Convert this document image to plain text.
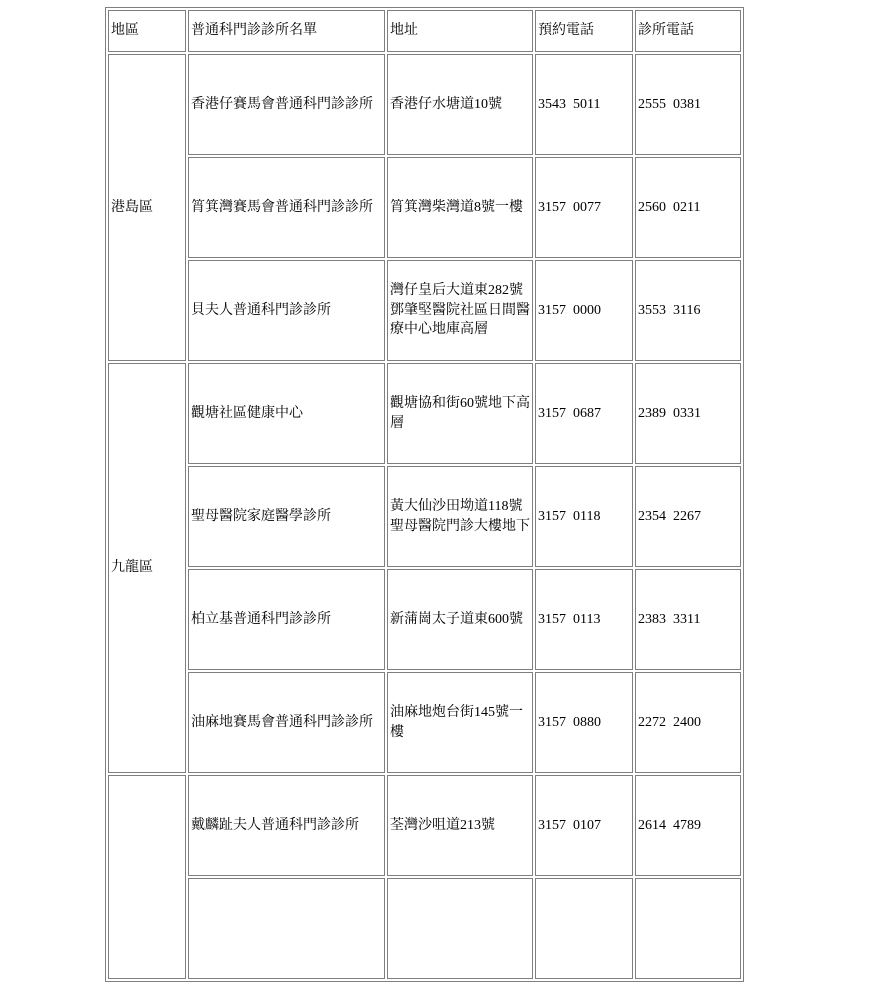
地區	普通科門診診所名單	地址	預約電話	診所電話
港島區	香港仔賽馬會普通科門診診所	香港仔水塘道10號	3543  5011	2555  0381
	筲箕灣賽馬會普通科門診診所	筲箕灣柴灣道8號一樓	3157  0077	2560  0211
	貝夫人普通科門診診所	灣仔皇后大道東282號鄧肇堅醫院社區日間醫療中心地庫高層	3157  0000	3553  3116
九龍區	觀塘社區健康中心	觀塘協和街60號地下高層	3157  0687	2389  0331
	聖母醫院家庭醫學診所	黃大仙沙田坳道118號聖母醫院門診大樓地下	3157  0118	2354  2267
	柏立基普通科門診診所	新蒲崗太子道東600號	3157  0113	2383  3311
	油麻地賽馬會普通科門診診所	油麻地炮台街145號一樓	3157  0880	2272  2400
	戴麟趾夫人普通科門診診所	荃灣沙咀道213號	3157  0107	2614  4789
